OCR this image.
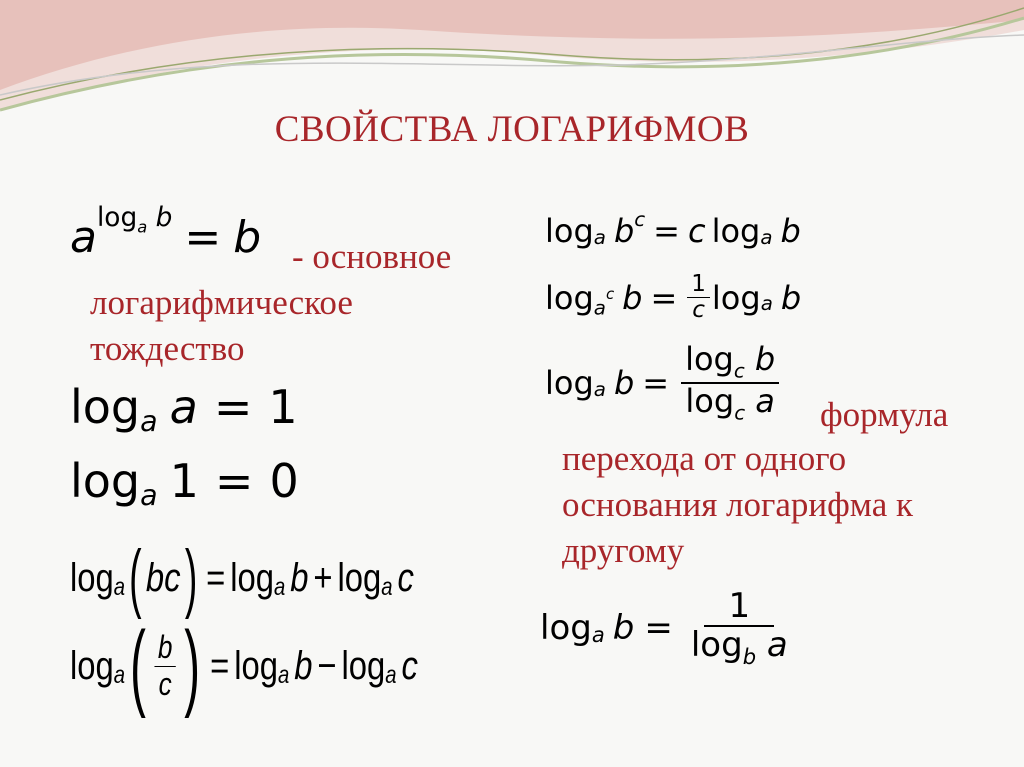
СВОЙСТВА ЛОГАРИФМОВ
a $^{log_a b}$ = b - основное
логарифмическое
тождество
$\log_a a = 1$
$\log_a 1 = 0$
$\log_a$ ( bc ) = $\log_a b + \log_a c$
$\log_a$ ( $\frac{b}{c}$ ) = $\log_a b - \log_a c$
$\log_a b^c = c$ $\log_a b$
log $_{a^c}$ $b = \frac{1}{c} \log_a b$
$\log_a b = \frac{\log_c b}{\log_c a}$ формула
перехода от одного
основания логарифма к
другому
$\log_a b = \frac{1}{\log_b a}$
